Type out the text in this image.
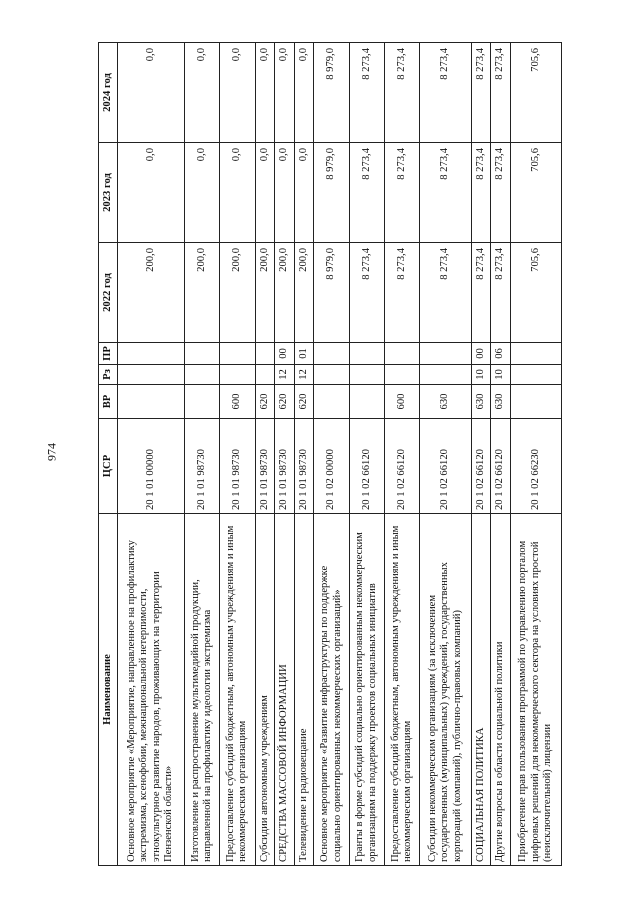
974
Наименование	ЦСР	ВР	Рз	ПР	2022 год	2023 год	2024 год
Основное мероприятие «Мероприятие, направленное на профилактику экстремизма, ксенофобии, межнациональной нетерпимости, этнокультурное развитие народов, проживающих на территории Пензенской области»	20 1 01 00000				200,0	0,0	0,0
Изготовление и распространение мультимедийной продукции, направленной на профилактику идеологии экстремизма	20 1 01 98730				200,0	0,0	0,0
Предоставление субсидий бюджетным, автономным учреждениям и иным некоммерческим организациям	20 1 01 98730	600			200,0	0,0	0,0
Субсидии автономным учреждениям	20 1 01 98730	620			200,0	0,0	0,0
СРЕДСТВА МАССОВОЙ ИНФОРМАЦИИ	20 1 01 98730	620	12	00	200,0	0,0	0,0
Телевидение и радиовещание	20 1 01 98730	620	12	01	200,0	0,0	0,0
Основное мероприятие «Развитие инфраструктуры по поддержке социально ориентированных некоммерческих организаций»	20 1 02 00000				8 979,0	8 979,0	8 979,0
Гранты в форме субсидий социально ориентированным некоммерческим организациям на поддержку проектов социальных инициатив	20 1 02 66120				8 273,4	8 273,4	8 273,4
Предоставление субсидий бюджетным, автономным учреждениям и иным некоммерческим организациям	20 1 02 66120	600			8 273,4	8 273,4	8 273,4
Субсидии некоммерческим организациям (за исключением государственных (муниципальных) учреждений, государственных корпораций (компаний), публично-правовых компаний)	20 1 02 66120	630			8 273,4	8 273,4	8 273,4
СОЦИАЛЬНАЯ ПОЛИТИКА	20 1 02 66120	630	10	00	8 273,4	8 273,4	8 273,4
Другие вопросы в области социальной политики	20 1 02 66120	630	10	06	8 273,4	8 273,4	8 273,4
Приобретение прав пользования программой по управлению порталом цифровых решений для некоммерческого сектора на условиях простой (неисключительной) лицензии	20 1 02 66230				705,6	705,6	705,6
